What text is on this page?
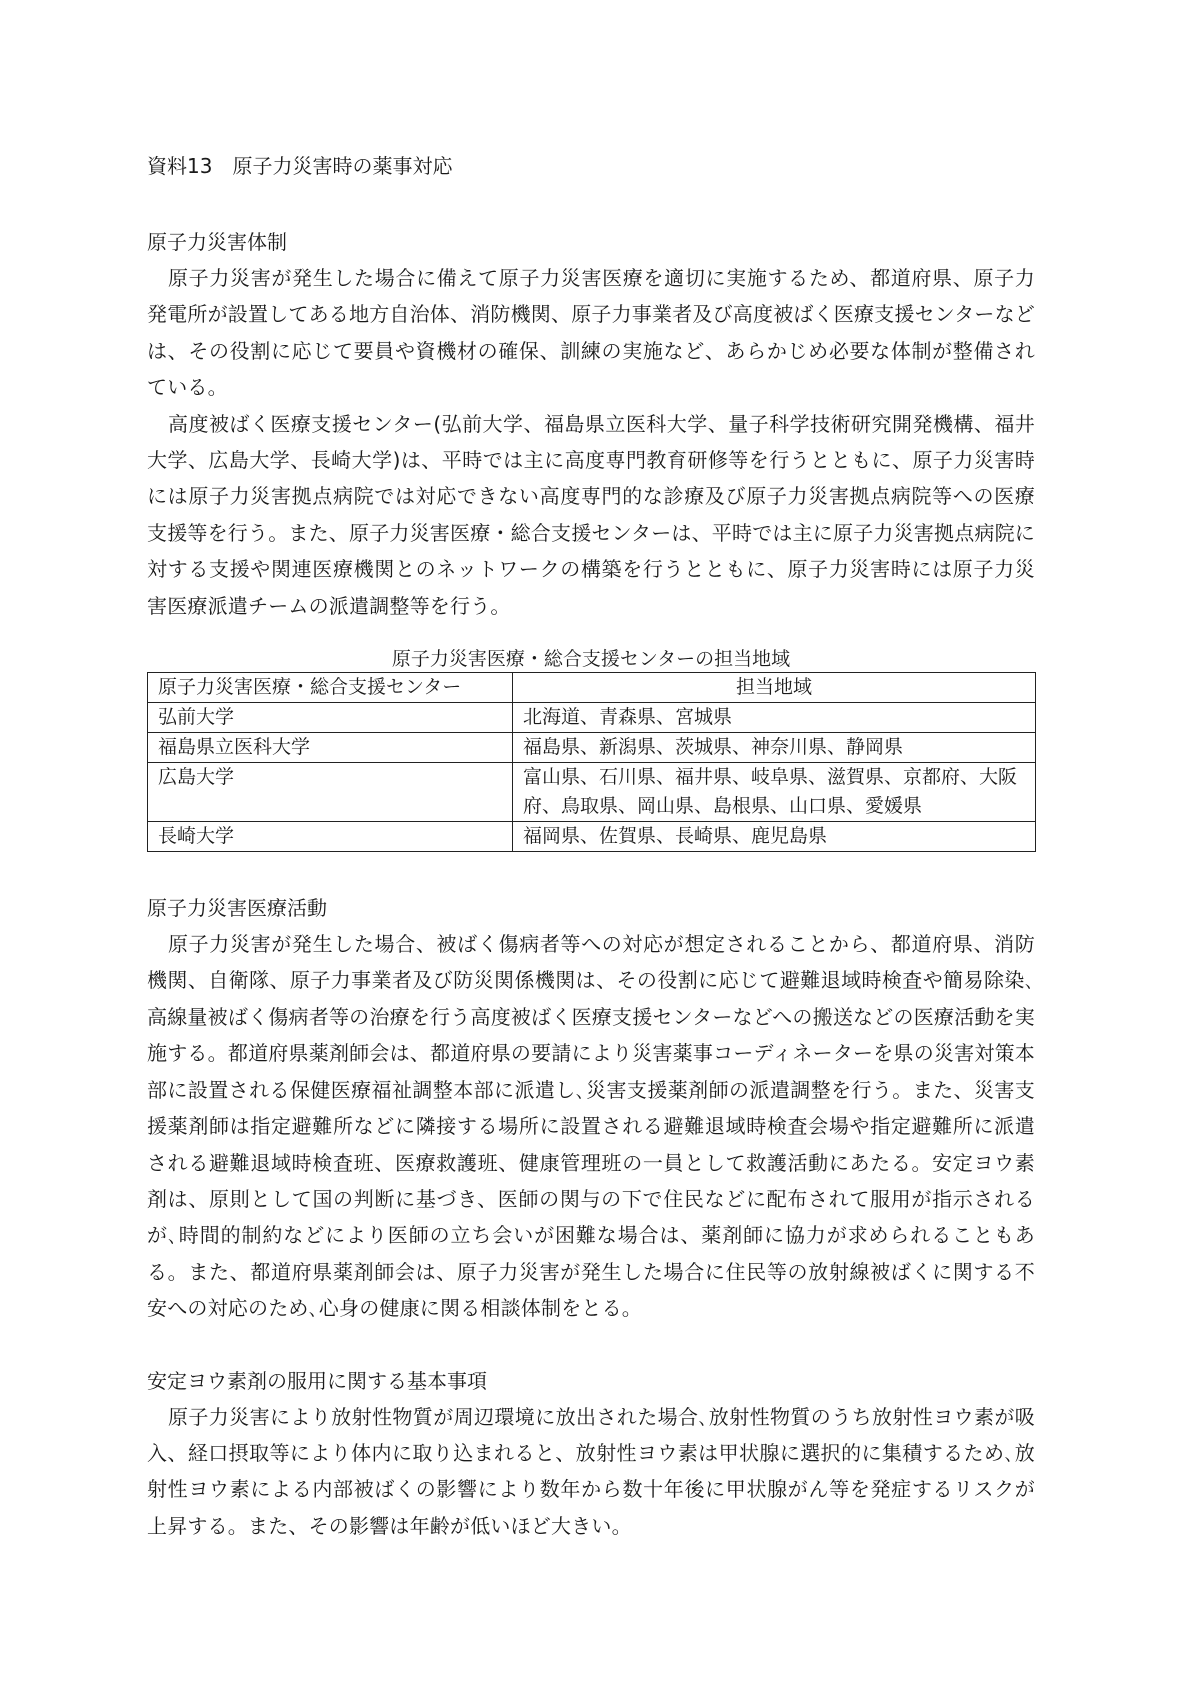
資料13　原子力災害時の薬事対応

原子力災害体制

原子力災害が発生した場合に備えて原子力災害医療を適切に実施するため、都道府県、原子力発電所が設置してある地方自治体、消防機関、原子力事業者及び高度被ばく医療支援センターなどは、その役割に応じて要員や資機材の確保、訓練の実施など、あらかじめ必要な体制が整備されている。

高度被ばく医療支援センター(弘前大学、福島県立医科大学、量子科学技術研究開発機構、福井大学、広島大学、長崎大学)は、平時では主に高度専門教育研修等を行うとともに、原子力災害時には原子力災害拠点病院では対応できない高度専門的な診療及び原子力災害拠点病院等への医療支援等を行う。また、原子力災害医療・総合支援センターは、平時では主に原子力災害拠点病院に対する支援や関連医療機関とのネットワークの構築を行うとともに、原子力災害時には原子力災害医療派遣チームの派遣調整等を行う。

原子力災害医療・総合支援センターの担当地域
原子力災害医療・総合支援センター	担当地域
弘前大学	北海道、青森県、宮城県
福島県立医科大学	福島県、新潟県、茨城県、神奈川県、静岡県
広島大学	富山県、石川県、福井県、岐阜県、滋賀県、京都府、大阪府、鳥取県、岡山県、島根県、山口県、愛媛県
長崎大学	福岡県、佐賀県、長崎県、鹿児島県

原子力災害医療活動

原子力災害が発生した場合、被ばく傷病者等への対応が想定されることから、都道府県、消防機関、自衛隊、原子力事業者及び防災関係機関は、その役割に応じて避難退域時検査や簡易除染､高線量被ばく傷病者等の治療を行う高度被ばく医療支援センターなどへの搬送などの医療活動を実施する。都道府県薬剤師会は、都道府県の要請により災害薬事コーディネーターを県の災害対策本部に設置される保健医療福祉調整本部に派遣し､災害支援薬剤師の派遣調整を行う。また、災害支援薬剤師は指定避難所などに隣接する場所に設置される避難退域時検査会場や指定避難所に派遣される避難退域時検査班、医療救護班、健康管理班の一員として救護活動にあたる。安定ヨウ素剤は、原則として国の判断に基づき、医師の関与の下で住民などに配布されて服用が指示されるが､時間的制約などにより医師の立ち会いが困難な場合は、薬剤師に協力が求められることもある。また、都道府県薬剤師会は、原子力災害が発生した場合に住民等の放射線被ばくに関する不安への対応のため､心身の健康に関る相談体制をとる。

安定ヨウ素剤の服用に関する基本事項

原子力災害により放射性物質が周辺環境に放出された場合､放射性物質のうち放射性ヨウ素が吸入、経口摂取等により体内に取り込まれると、放射性ヨウ素は甲状腺に選択的に集積するため､放射性ヨウ素による内部被ばくの影響により数年から数十年後に甲状腺がん等を発症するリスクが上昇する。また、その影響は年齢が低いほど大きい。
